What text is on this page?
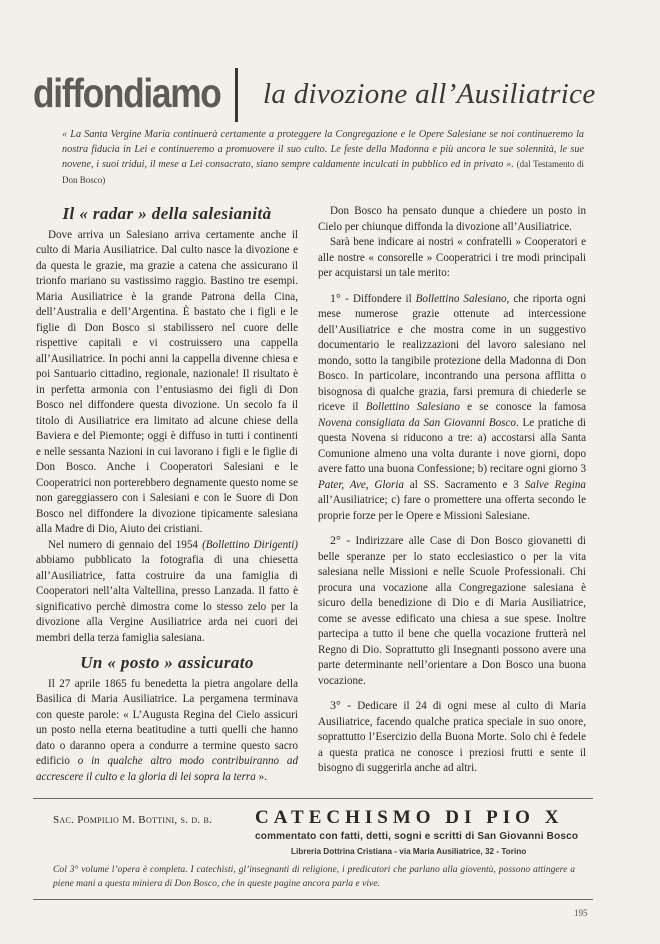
diffondiamo la divozione all’Ausiliatrice
« La Santa Vergine Maria continuerà certamente a proteggere la Congregazione e le Opere Salesiane se noi continueremo la nostra fiducia in Lei e continueremo a promuovere il suo culto. Le feste della Madonna e più ancora le sue solennità, le sue novene, i suoi tridui, il mese a Lei consacrato, siano sempre caldamente inculcati in pubblico ed in privato ». (dal Testamento di Don Bosco)
Il « radar » della salesianità

Dove arriva un Salesiano arriva certamente anche il culto di Maria Ausiliatrice. Dal culto nasce la divozione e da questa le grazie, ma grazie a catena che assicurano il trionfo mariano su vastissimo raggio. Bastino tre esempi. Maria Ausiliatrice è la grande Patrona della Cina, dell’Australia e dell’Argentina. È bastato che i figli e le figlie di Don Bosco si stabilissero nel cuore delle rispettive capitali e vi costruissero una cappella all’Ausiliatrice. In pochi anni la cappella divenne chiesa e poi Santuario cittadino, regionale, nazionale! Il risultato è in perfetta armonia con l’entusiasmo dei figli di Don Bosco nel diffondere questa divozione. Un secolo fa il titolo di Ausiliatrice era limitato ad alcune chiese della Baviera e del Piemonte; oggi è diffuso in tutti i continenti e nelle sessanta Nazioni in cui lavorano i figli e le figlie di Don Bosco. Anche i Cooperatori Salesiani e le Cooperatrici non porterebbero degnamente questo nome se non gareggiassero con i Salesiani e con le Suore di Don Bosco nel diffondere la divozione tipicamente salesiana alla Madre di Dio, Aiuto dei cristiani.

Nel numero di gennaio del 1954 (Bollettino Dirigenti) abbiamo pubblicato la fotografia di una chiesetta all’Ausiliatrice, fatta costruire da una famiglia di Cooperatori nell’alta Valtellina, presso Lanzada. Il fatto è significativo perchè dimostra come lo stesso zelo per la divozione alla Vergine Ausiliatrice arda nei cuori dei membri della terza famiglia salesiana.

Un « posto » assicurato

Il 27 aprile 1865 fu benedetta la pietra angolare della Basilica di Maria Ausiliatrice. La pergamena terminava con queste parole: « L’Augusta Regina del Cielo assicuri un posto nella eterna beatitudine a tutti quelli che hanno dato o daranno opera a condurre a termine questo sacro edificio o in qualche altro modo contribuiranno ad accrescere il culto e la gloria di lei sopra la terra ».

Don Bosco ha pensato dunque a chiedere un posto in Cielo per chiunque diffonda la divozione all’Ausiliatrice.

Sarà bene indicare ai nostri « confratelli » Cooperatori e alle nostre « consorelle » Cooperatrici i tre modi principali per acquistarsi un tale merito:

1° - Diffondere il Bollettino Salesiano, che riporta ogni mese numerose grazie ottenute ad intercessione dell’Ausiliatrice e che mostra come in un suggestivo documentario le realizzazioni del lavoro salesiano nel mondo, sotto la tangibile protezione della Madonna di Don Bosco. In particolare, incontrando una persona afflitta o bisognosa di qualche grazia, farsi premura di chiederle se riceve il Bollettino Salesiano e se conosce la famosa Novena consigliata da San Giovanni Bosco. Le pratiche di questa Novena si riducono a tre: a) accostarsi alla Santa Comunione almeno una volta durante i nove giorni, dopo avere fatto una buona Confessione; b) recitare ogni giorno 3 Pater, Ave, Gloria al SS. Sacramento e 3 Salve Regina all’Ausiliatrice; c) fare o promettere una offerta secondo le proprie forze per le Opere e Missioni Salesiane.

2° - Indirizzare alle Case di Don Bosco giovanetti di belle speranze per lo stato ecclesiastico o per la vita salesiana nelle Missioni e nelle Scuole Professionali. Chi procura una vocazione alla Congregazione salesiana è sicuro della benedizione di Dio e di Maria Ausiliatrice, come se avesse edificato una chiesa a sue spese. Inoltre partecipa a tutto il bene che quella vocazione frutterà nel Regno di Dio. Soprattutto gli Insegnanti possono avere una parte determinante nell’orientare a Don Bosco una buona vocazione.

3° - Dedicare il 24 di ogni mese al culto di Maria Ausiliatrice, facendo qualche pratica speciale in suo onore, soprattutto l’Esercizio della Buona Morte. Solo chi è fedele a questa pratica ne conosce i preziosi frutti e sente il bisogno di suggerirla anche ad altri.

Sac. Pompilio M. Bottini, s. d. b. CATECHISMO DI PIO X
commentato con fatti, detti, sogni e scritti di San Giovanni Bosco
Libreria Dottrina Cristiana - via Maria Ausiliatrice, 32 - Torino
Col 3° volume l’opera è completa. I catechisti, gl’insegnanti di religione, i predicatori che parlano alla gioventù, possono attingere a piene mani a questa miniera di Don Bosco, che in queste pagine ancora parla e vive.
195
